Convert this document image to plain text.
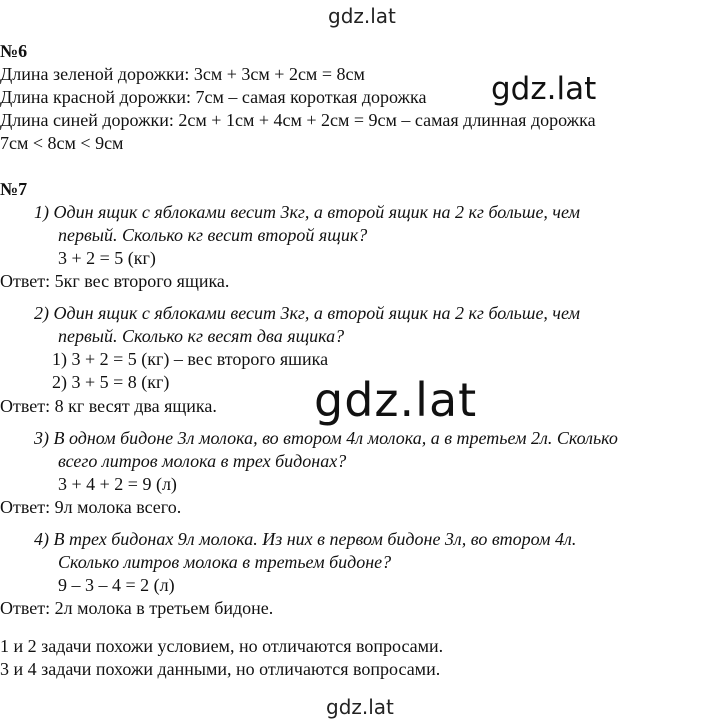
gdz.lat
№6
Длина зеленой дорожки: 3см + 3см + 2см = 8см
Длина красной дорожки: 7см – самая короткая дорожка gdz.lat
Длина синей дорожки: 2см + 1см + 4см + 2см = 9см – самая длинная дорожка
7см < 8см < 9см
№7
1) Один ящик с яблоками весит 3кг, а второй ящик на 2 кг больше, чем
первый. Сколько кг весит второй ящик?
3 + 2 = 5 (кг)
Ответ: 5кг вес второго ящика.
2) Один ящик с яблоками весит 3кг, а второй ящик на 2 кг больше, чем
первый. Сколько кг весят два ящика?
1) 3 + 2 = 5 (кг) – вес второго яшика
2) 3 + 5 = 8 (кг)
Ответ: 8 кг весят два ящика. gdz.lat
3) В одном бидоне 3л молока, во втором 4л молока, а в третьем 2л. Сколько
всего литров молока в трех бидонах?
3 + 4 + 2 = 9 (л)
Ответ: 9л молока всего.
4) В трех бидонах 9л молока. Из них в первом бидоне 3л, во втором 4л.
Сколько литров молока в третьем бидоне?
9 – 3 – 4 = 2 (л)
Ответ: 2л молока в третьем бидоне.
1 и 2 задачи похожи условием, но отличаются вопросами.
3 и 4 задачи похожи данными, но отличаются вопросами.
gdz.lat
